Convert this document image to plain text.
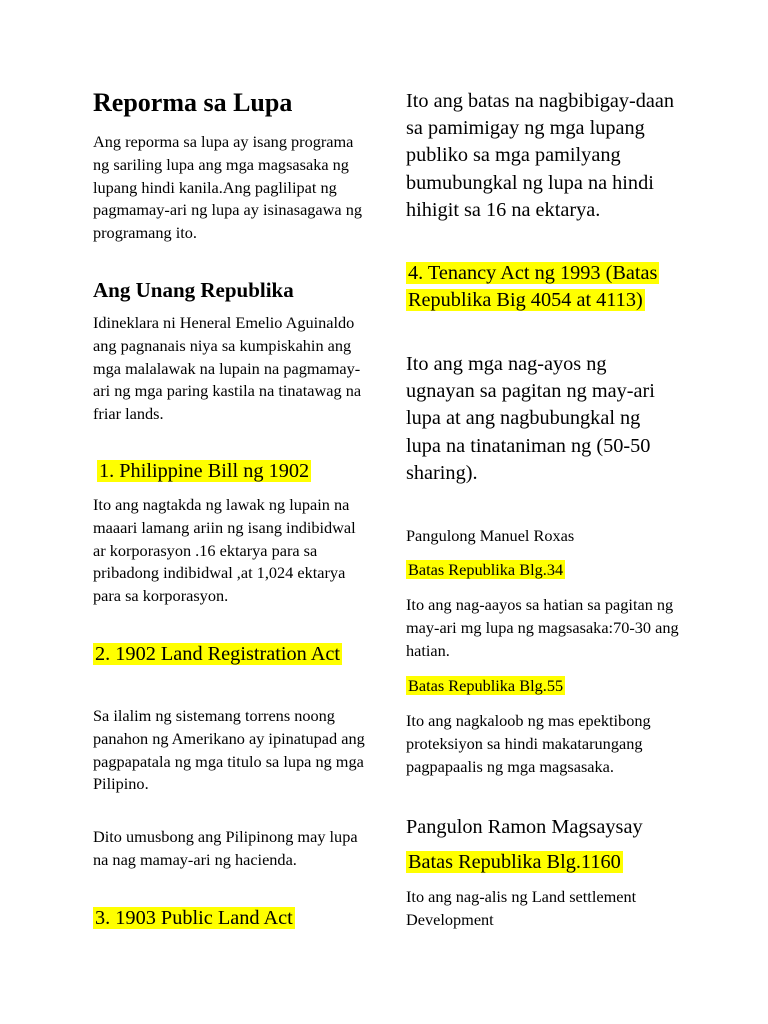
Reporma sa Lupa

Ang reporma sa lupa ay isang programa ng sariling lupa ang mga magsasaka ng lupang hindi kanila.Ang paglilipat ng pagmamay-ari ng lupa ay isinasagawa ng programang ito.

Ang Unang Republika

Idineklara ni Heneral Emelio Aguinaldo ang pagnanais niya sa kumpiskahin ang mga malalawak na lupain na pagmamay-ari ng mga paring kastila na tinatawag na friar lands.

1. Philippine Bill ng 1902

Ito ang nagtakda ng lawak ng lupain na maaari lamang ariin ng isang indibidwal ar korporasyon .16 ektarya para sa pribadong indibidwal ,at 1,024 ektarya para sa korporasyon.

2. 1902 Land Registration Act

Sa ilalim ng sistemang torrens noong panahon ng Amerikano ay ipinatupad ang pagpapatala ng mga titulo sa lupa ng mga Pilipino.

Dito umusbong ang Pilipinong may lupa na nag mamay-ari ng hacienda.

3. 1903 Public Land Act

Ito ang batas na nagbibigay-daan sa pamimigay ng mga lupang publiko sa mga pamilyang bumubungkal ng lupa na hindi hihigit sa 16 na ektarya.

4. Tenancy Act ng 1993 (Batas Republika Big 4054 at 4113)

Ito ang mga nag-ayos ng ugnayan sa pagitan ng may-ari lupa at ang nagbubungkal ng lupa na tinataniman ng (50-50 sharing).

Pangulong Manuel Roxas

Batas Republika Blg.34

Ito ang nag-aayos sa hatian sa pagitan ng may-ari mg lupa ng magsasaka:70-30 ang hatian.

Batas Republika Blg.55

Ito ang nagkaloob ng mas epektibong proteksiyon sa hindi makatarungang pagpapaalis ng mga magsasaka.

Pangulon Ramon Magsaysay

Batas Republika Blg.1160

Ito ang nag-alis ng Land settlement Development
